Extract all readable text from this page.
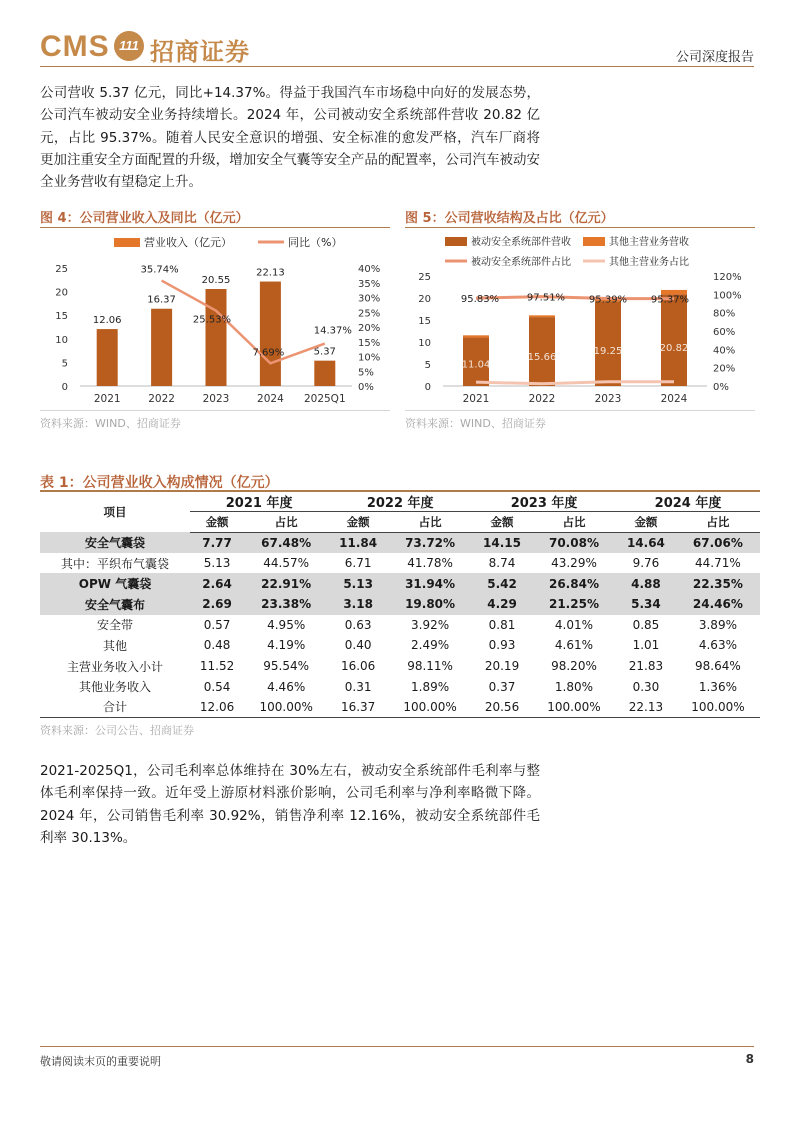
CMS 111 招商证券	公司深度报告

公司营收 5.37 亿元，同比+14.37%。得益于我国汽车市场稳中向好的发展态势，公司汽车被动安全业务持续增长。2024 年，公司被动安全系统部件营收 20.82 亿元，占比 95.37%。随着人民安全意识的增强、安全标准的愈发严格，汽车厂商将更加注重安全方面配置的升级，增加安全气囊等安全产品的配置率，公司汽车被动安全业务营收有望稳定上升。

图 4：公司营业收入及同比（亿元）
营业收入（亿元）	同比（%）
0
5
10
15
20
25
0%
5%
10%
15%
20%
25%
30%
35%
40%
2021	2022	2023	2024 2025Q1
12.06
16.37
20.55
22.13
5.37
35.74%
25.53%
7.69%
14.37%
资料来源：WIND、招商证券
图 5：公司营收结构及占比（亿元）
被动安全系统部件营收	其他主营业务营收
被动安全系统部件占比	其他主营业务占比
0
5
10
15
20
25
0%
20%
40%
60%
80%
100%
120%
2021	2022	2023	2024
11.04
15.66
19.25	20.82
95.83%	97.51% 95.39% 95.37%
资料来源：WIND、招商证券
表 1：公司营业收入构成情况（亿元）
项目	2021 年度		2022 年度		2023 年度		2024 年度	
	金额	占比	金额	占比	金额	占比	金额	占比
安全气囊袋	7.77	67.48%	11.84	73.72%	14.15	70.08%	14.64	67.06%
其中：平织布气囊袋	5.13	44.57%	6.71	41.78%	8.74	43.29%	9.76	44.71%
OPW 气囊袋	2.64	22.91%	5.13	31.94%	5.42	26.84%	4.88	22.35%
安全气囊布	2.69	23.38%	3.18	19.80%	4.29	21.25%	5.34	24.46%
安全带	0.57	4.95%	0.63	3.92%	0.81	4.01%	0.85	3.89%
其他	0.48	4.19%	0.40	2.49%	0.93	4.61%	1.01	4.63%
主营业务收入小计	11.52	95.54%	16.06	98.11%	20.19	98.20%	21.83	98.64%
其他业务收入	0.54	4.46%	0.31	1.89%	0.37	1.80%	0.30	1.36%
合计	12.06	100.00%	16.37	100.00%	20.56	100.00%	22.13	100.00%
资料来源：公司公告、招商证券

2021-2025Q1，公司毛利率总体维持在 30%左右，被动安全系统部件毛利率与整体毛利率保持一致。近年受上游原材料涨价影响，公司毛利率与净利率略微下降。2024 年，公司销售毛利率 30.92%，销售净利率 12.16%，被动安全系统部件毛利率 30.13%。

敬请阅读末页的重要说明	8
